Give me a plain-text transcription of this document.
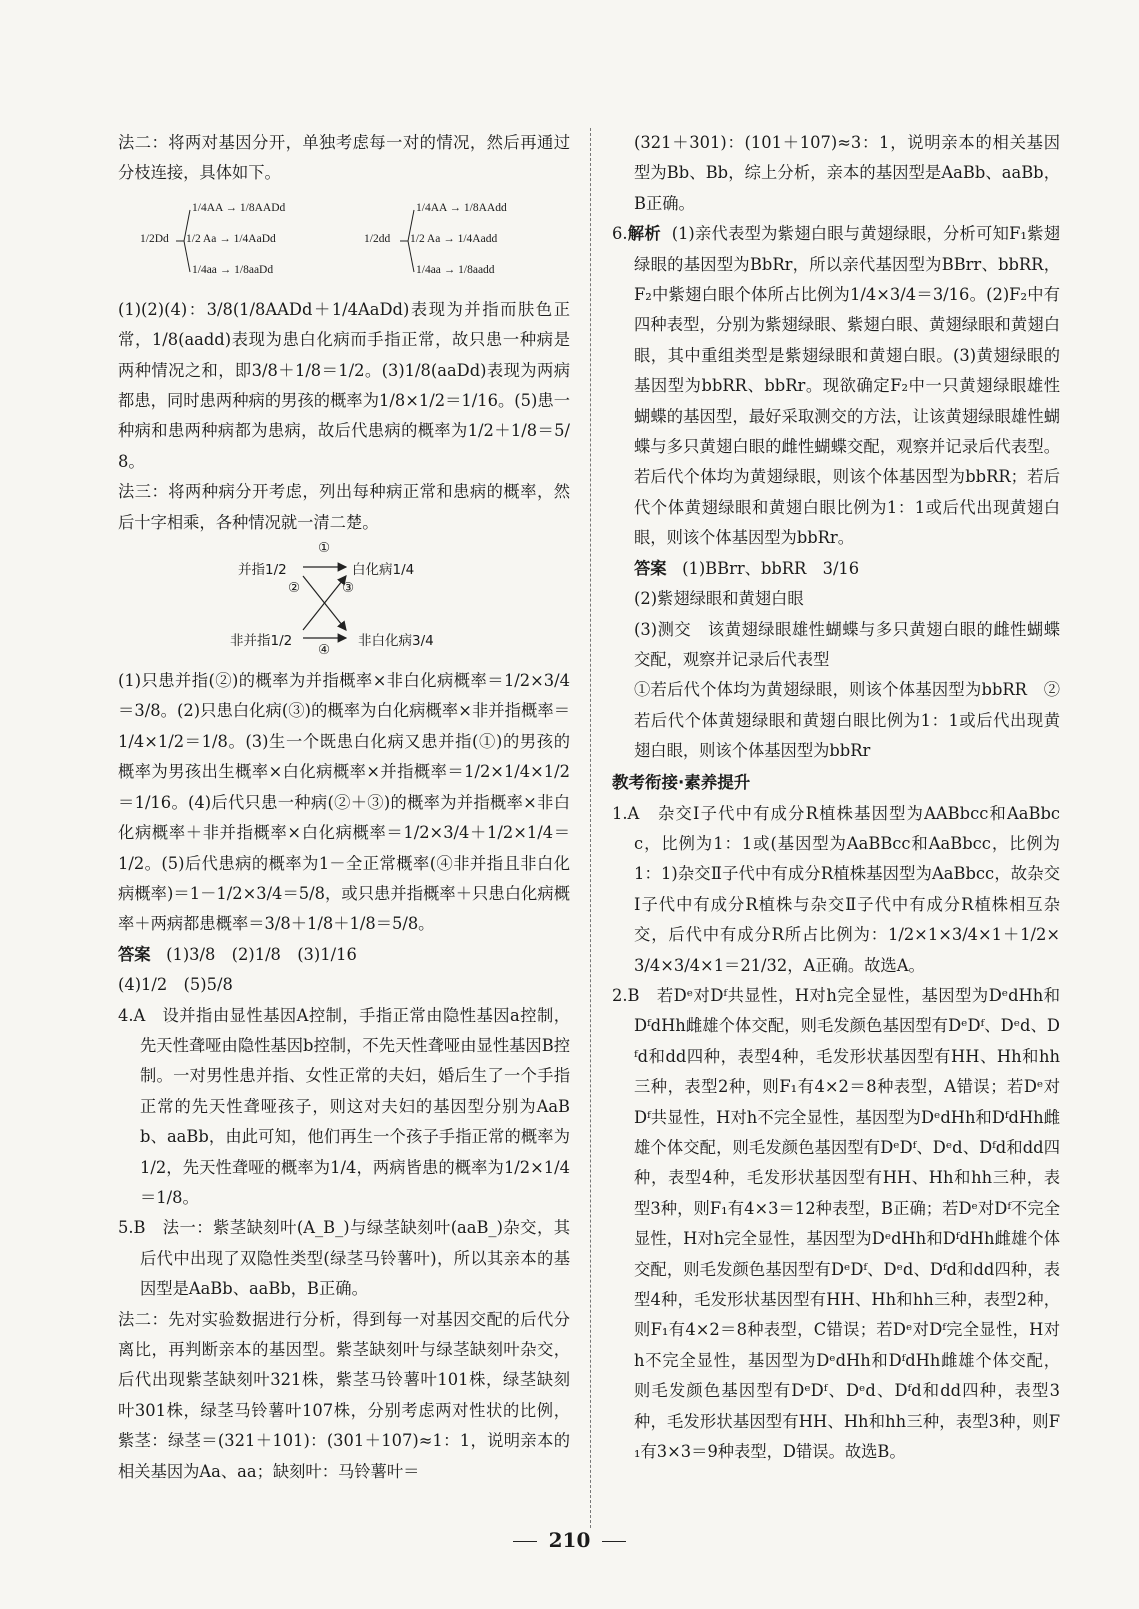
法二：将两对基因分开，单独考虑每一对的情况，然后再通过分枝连接，具体如下。

1/2Dd
1/4AA → 1/8AADd
1/2 Aa → 1/4AaDd
1/4aa → 1/8aaDd
1/2dd
1/4AA → 1/8AAdd
1/2 Aa → 1/4Aadd
1/4aa → 1/8aadd

(1)(2)(4)：3/8(1/8AADd＋1/4AaDd)表现为并指而肤色正常，1/8(aadd)表现为患白化病而手指正常，故只患一种病是两种情况之和，即3/8＋1/8＝1/2。(3)1/8(aaDd)表现为两病都患，同时患两种病的男孩的概率为1/8×1/2＝1/16。(5)患一种病和患两种病都为患病，故后代患病的概率为1/2＋1/8＝5/8。

法三：将两种病分开考虑，列出每种病正常和患病的概率，然后十字相乘，各种情况就一清二楚。

①
②	③
④
并指1/2	白化病1/4
非并指1/2	非白化病3/4

(1)只患并指(②)的概率为并指概率×非白化病概率＝1/2×3/4＝3/8。(2)只患白化病(③)的概率为白化病概率×非并指概率＝1/4×1/2＝1/8。(3)生一个既患白化病又患并指(①)的男孩的概率为男孩出生概率×白化病概率×并指概率＝1/2×1/4×1/2＝1/16。(4)后代只患一种病(②＋③)的概率为并指概率×非白化病概率＋非并指概率×白化病概率＝1/2×3/4＋1/2×1/4＝1/2。(5)后代患病的概率为1－全正常概率(④非并指且非白化病概率)＝1－1/2×3/4＝5/8，或只患并指概率＋只患白化病概率＋两病都患概率＝3/8＋1/8＋1/8＝5/8。

答案 (1)3/8　(2)1/8　(3)1/16

(4)1/2　(5)5/8

4.A　设并指由显性基因A控制，手指正常由隐性基因a控制，先天性聋哑由隐性基因b控制，不先天性聋哑由显性基因B控制。一对男性患并指、女性正常的夫妇，婚后生了一个手指正常的先天性聋哑孩子，则这对夫妇的基因型分别为AaBb、aaBb，由此可知，他们再生一个孩子手指正常的概率为1/2，先天性聋哑的概率为1/4，两病皆患的概率为1/2×1/4＝1/8。

5.B　法一：紫茎缺刻叶(A_B_)与绿茎缺刻叶(aaB_)杂交，其后代中出现了双隐性类型(绿茎马铃薯叶)，所以其亲本的基因型是AaBb、aaBb，B正确。

法二：先对实验数据进行分析，得到每一对基因交配的后代分离比，再判断亲本的基因型。紫茎缺刻叶与绿茎缺刻叶杂交，后代出现紫茎缺刻叶321株，紫茎马铃薯叶101株，绿茎缺刻叶301株，绿茎马铃薯叶107株，分别考虑两对性状的比例，紫茎：绿茎＝(321＋101)：(301＋107)≈1：1，说明亲本的相关基因为Aa、aa；缺刻叶：马铃薯叶＝

(321＋301)：(101＋107)≈3：1，说明亲本的相关基因型为Bb、Bb，综上分析，亲本的基因型是AaBb、aaBb，B正确。

6.解析 (1)亲代表型为紫翅白眼与黄翅绿眼，分析可知F₁紫翅绿眼的基因型为BbRr，所以亲代基因型为BBrr、bbRR，F₂中紫翅白眼个体所占比例为1/4×3/4＝3/16。(2)F₂中有四种表型，分别为紫翅绿眼、紫翅白眼、黄翅绿眼和黄翅白眼，其中重组类型是紫翅绿眼和黄翅白眼。(3)黄翅绿眼的基因型为bbRR、bbRr。现欲确定F₂中一只黄翅绿眼雄性蝴蝶的基因型，最好采取测交的方法，让该黄翅绿眼雄性蝴蝶与多只黄翅白眼的雌性蝴蝶交配，观察并记录后代表型。若后代个体均为黄翅绿眼，则该个体基因型为bbRR；若后代个体黄翅绿眼和黄翅白眼比例为1：1或后代出现黄翅白眼，则该个体基因型为bbRr。

答案 (1)BBrr、bbRR　3/16

(2)紫翅绿眼和黄翅白眼

(3)测交　该黄翅绿眼雄性蝴蝶与多只黄翅白眼的雌性蝴蝶交配，观察并记录后代表型

①若后代个体均为黄翅绿眼，则该个体基因型为bbRR　②若后代个体黄翅绿眼和黄翅白眼比例为1：1或后代出现黄翅白眼，则该个体基因型为bbRr

教考衔接·素养提升

1.A　杂交Ⅰ子代中有成分R植株基因型为AABbcc和AaBbcc，比例为1：1或(基因型为AaBBcc和AaBbcc，比例为1：1)杂交Ⅱ子代中有成分R植株基因型为AaBbcc，故杂交Ⅰ子代中有成分R植株与杂交Ⅱ子代中有成分R植株相互杂交，后代中有成分R所占比例为：1/2×1×3/4×1＋1/2×3/4×3/4×1＝21/32，A正确。故选A。

2.B　若Dᵉ对Dᶠ共显性，H对h完全显性，基因型为DᵉdHh和DᶠdHh雌雄个体交配，则毛发颜色基因型有DᵉDᶠ、Dᵉd、Dᶠd和dd四种，表型4种，毛发形状基因型有HH、Hh和hh三种，表型2种，则F₁有4×2＝8种表型，A错误；若Dᵉ对Dᶠ共显性，H对h不完全显性，基因型为DᵉdHh和DᶠdHh雌雄个体交配，则毛发颜色基因型有DᵉDᶠ、Dᵉd、Dᶠd和dd四种，表型4种，毛发形状基因型有HH、Hh和hh三种，表型3种，则F₁有4×3＝12种表型，B正确；若Dᵉ对Dᶠ不完全显性，H对h完全显性，基因型为DᵉdHh和DᶠdHh雌雄个体交配，则毛发颜色基因型有DᵉDᶠ、Dᵉd、Dᶠd和dd四种，表型4种，毛发形状基因型有HH、Hh和hh三种，表型2种，则F₁有4×2＝8种表型，C错误；若Dᵉ对Dᶠ完全显性，H对h不完全显性，基因型为DᵉdHh和DᶠdHh雌雄个体交配，则毛发颜色基因型有DᵉDᶠ、Dᵉd、Dᶠd和dd四种，表型3种，毛发形状基因型有HH、Hh和hh三种，表型3种，则F₁有3×3＝9种表型，D错误。故选B。

210
